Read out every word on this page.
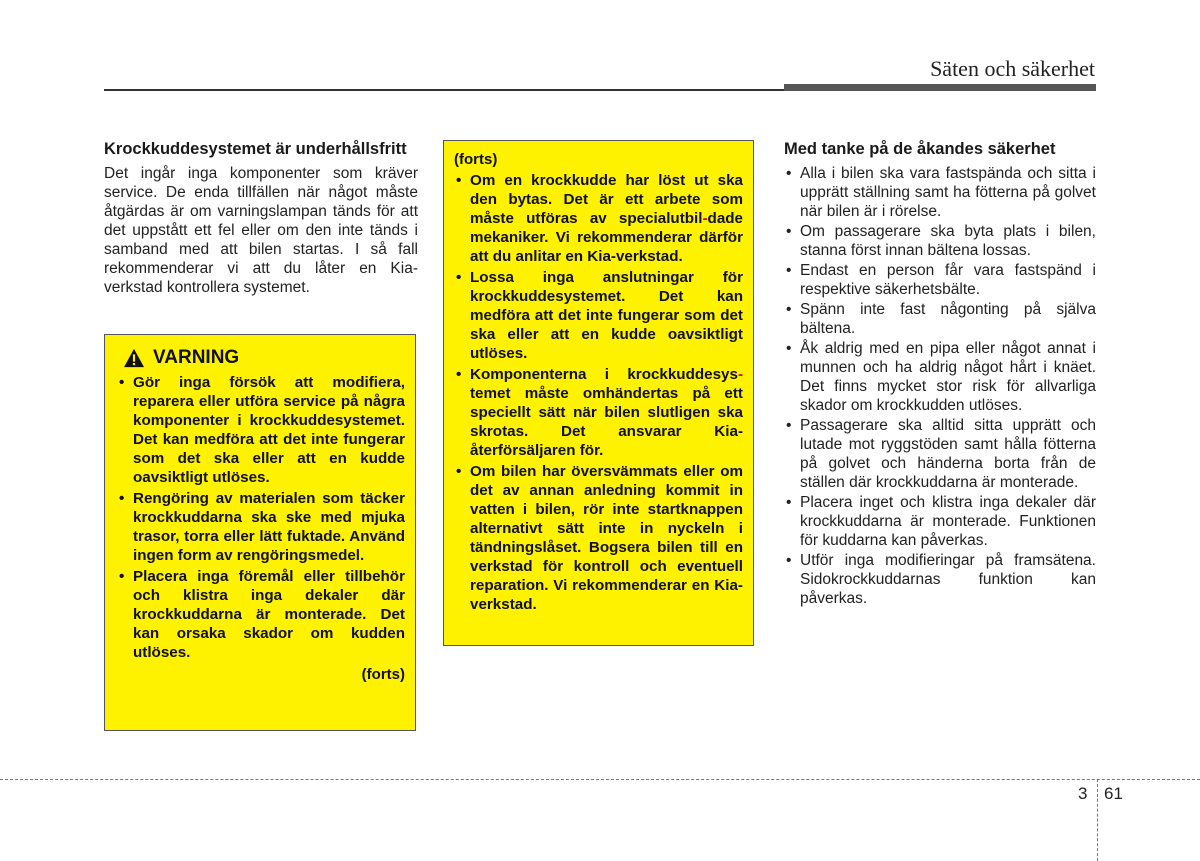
Säten och säkerhet
Krockkuddesystemet är underhållsfritt

Det ingår inga komponenter som kräver service. De enda tillfällen när något måste åtgärdas är om varningslampan tänds för att det uppstått ett fel eller om den inte tänds i samband med att bilen startas. I så fall rekommenderar vi att du låter en Kia-verkstad kontrollera systemet.

VARNING
• Gör inga försök att modifiera, reparera eller utföra service på några komponenter i krockkuddesystemet. Det kan medföra att det inte fungerar som det ska eller att en kudde oavsiktligt utlöses.
• Rengöring av materialen som täcker krockkuddarna ska ske med mjuka trasor, torra eller lätt fuktade. Använd ingen form av rengöringsmedel.
• Placera inga föremål eller tillbehör och klistra inga dekaler där krockkuddarna är monterade. Det kan orsaka skador om kudden utlöses.
(forts)
(forts)
• Om en krockkudde har löst ut ska den bytas. Det är ett arbete som måste utföras av specialutbil-dade mekaniker. Vi rekommenderar därför att du anlitar en Kia-verkstad.
• Lossa inga anslutningar för krockkuddesystemet. Det kan medföra att det inte fungerar som det ska eller att en kudde oavsiktligt utlöses.
• Komponenterna i krockkuddesys-temet måste omhändertas på ett speciellt sätt när bilen slutligen ska skrotas. Det ansvarar Kia-återförsäljaren för.
• Om bilen har översvämmats eller om det av annan anledning kommit in vatten i bilen, rör inte startknappen alternativt sätt inte in nyckeln i tändningslåset. Bogsera bilen till en verkstad för kontroll och eventuell reparation. Vi rekommenderar en Kia-verkstad.
Med tanke på de åkandes säkerhet
• Alla i bilen ska vara fastspända och sitta i upprätt ställning samt ha fötterna på golvet när bilen är i rörelse.
• Om passagerare ska byta plats i bilen, stanna först innan bältena lossas.
• Endast en person får vara fastspänd i respektive säkerhetsbälte.
• Spänn inte fast någonting på själva bältena.
• Åk aldrig med en pipa eller något annat i munnen och ha aldrig något hårt i knäet. Det finns mycket stor risk för allvarliga skador om krockkudden utlöses.
• Passagerare ska alltid sitta upprätt och lutade mot ryggstöden samt hålla fötterna på golvet och händerna borta från de ställen där krockkuddarna är monterade.
• Placera inget och klistra inga dekaler där krockkuddarna är monterade. Funktionen för kuddarna kan påverkas.
• Utför inga modifieringar på framsätena. Sidokrockkuddarnas funktion kan påverkas.
3 61
